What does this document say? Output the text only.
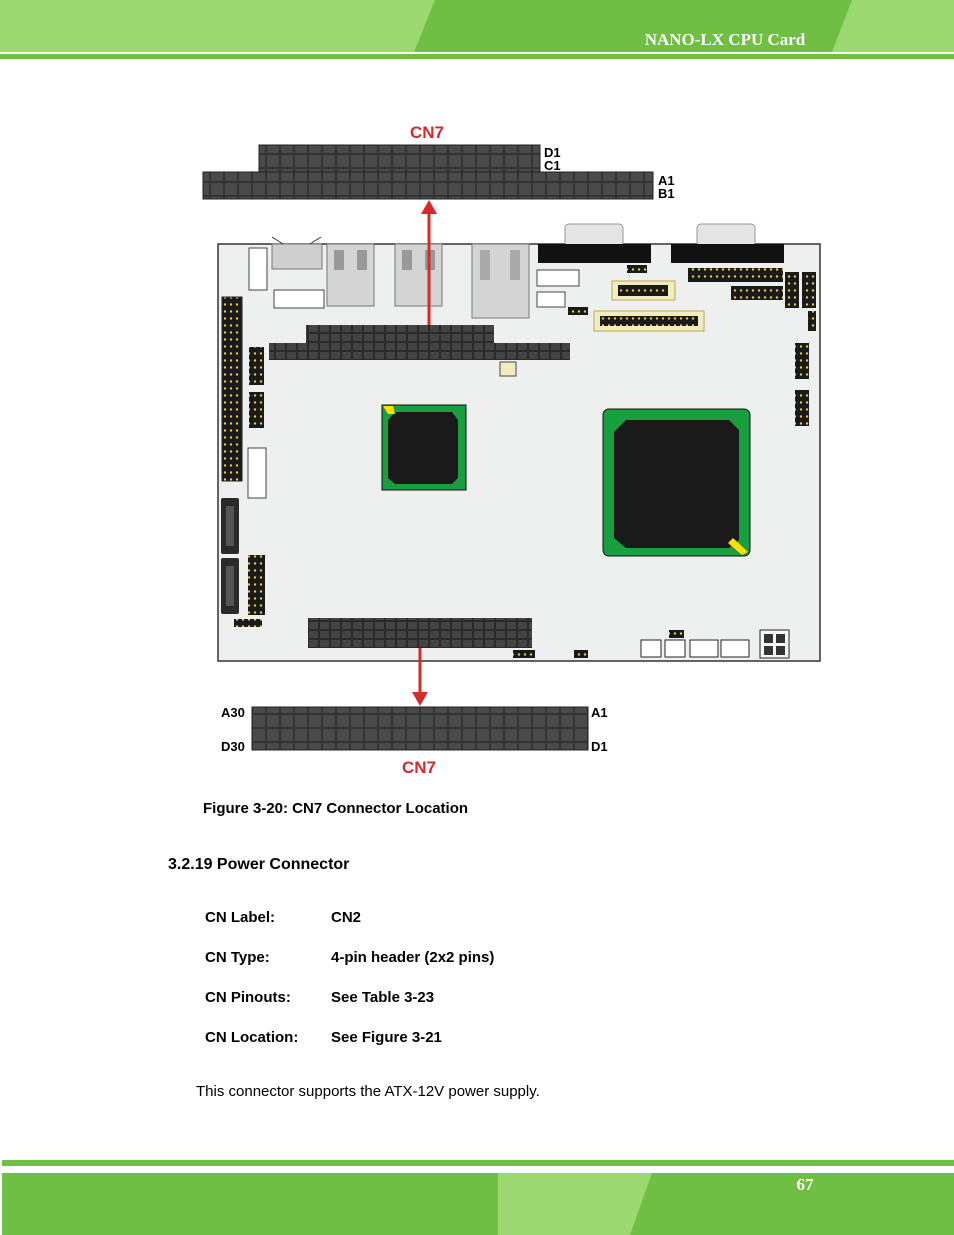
NANO-LX CPU Card
CN7
D1
C1
A1
B1
A30
D30
A1
D1
CN7
Figure 3-20: CN7 Connector Location
3.2.19 Power Connector
CN Label:	CN2
CN Type:	4-pin header (2x2 pins)
CN Pinouts:	See Table 3-23
CN Location: See Figure 3-21
This connector supports the ATX-12V power supply.
67
